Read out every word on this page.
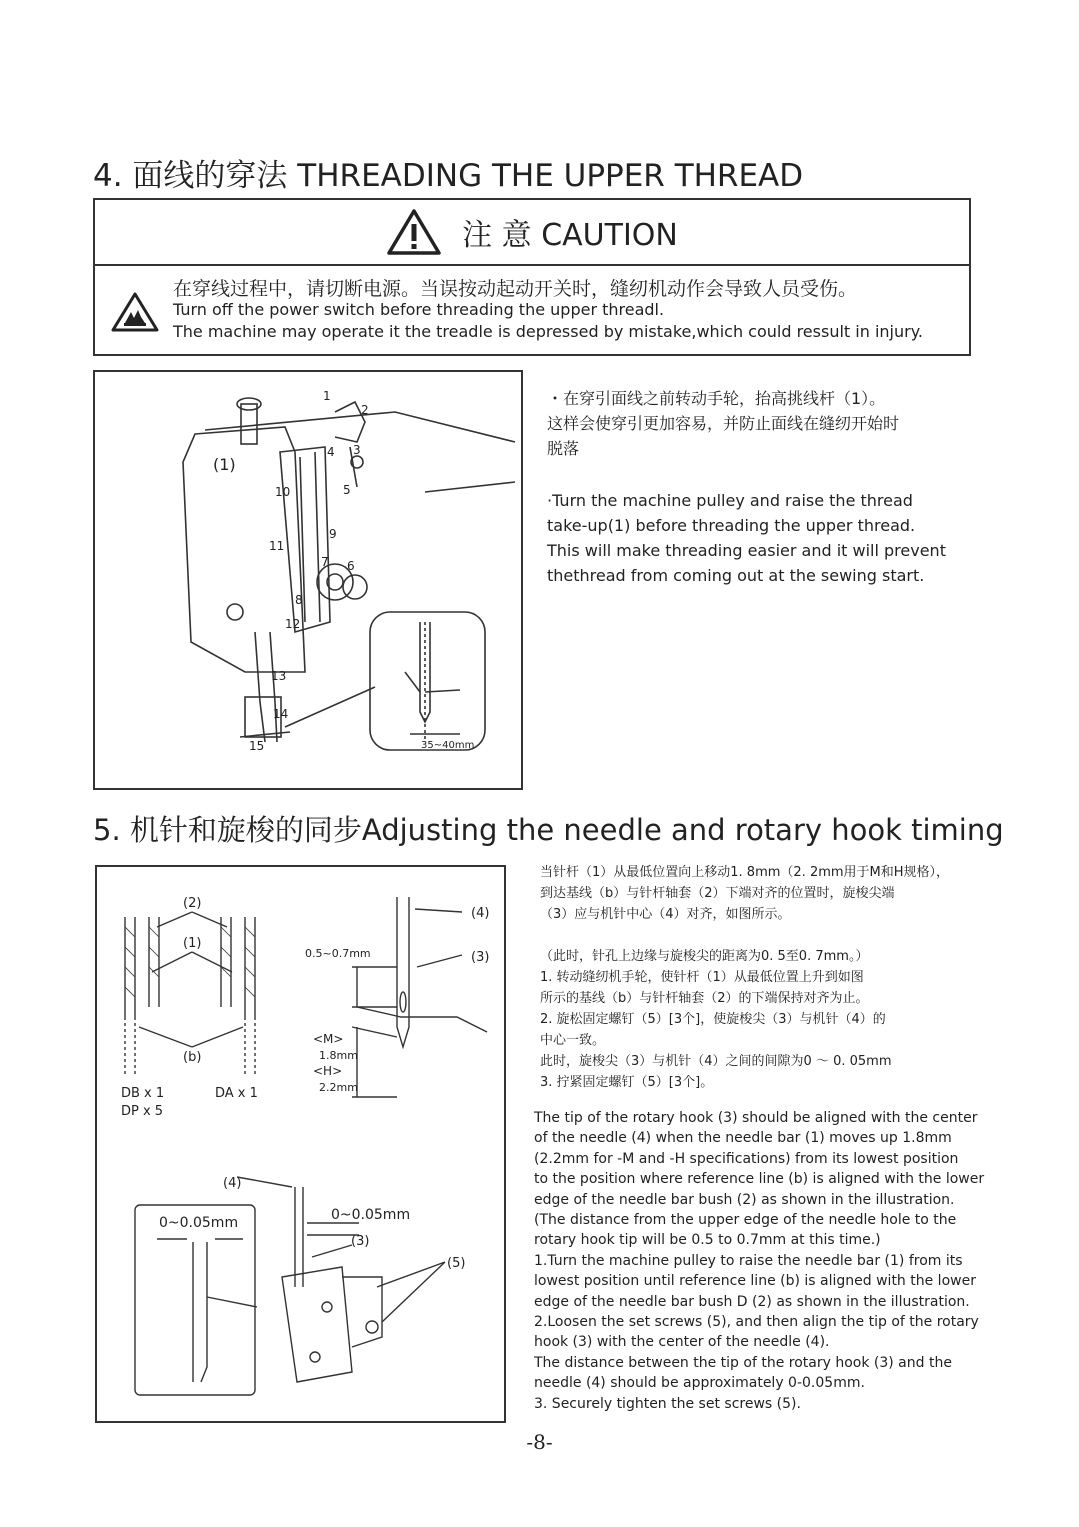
4. 面线的穿法 THREADING THE UPPER THREAD
注 意 CAUTION
在穿线过程中，请切断电源。当误按动起动开关时，缝纫机动作会导致人员受伤。
Turn off the power switch before threading the upper threadl.
The machine may operate it the treadle is depressed by mistake,which could ressult in injury.
1
2
3
4
5
(1)
10
9
11
7 6
8
12
13
14
15	35~40mm
・在穿引面线之前转动手轮，抬高挑线杆（1）。
这样会使穿引更加容易，并防止面线在缝纫开始时
脱落
·Turn the machine pulley and raise the thread
take-up(1) before threading the upper thread.
This will make threading easier and it will prevent
thethread from coming out at the sewing start.
5. 机针和旋梭的同步Adjusting the needle and rotary hook timing
(2)
(1)
(b)
DB x 1
DP x 5
DA x 1
0.5~0.7mm
(4)
(3)
<M>
1.8mm
<H>
2.2mm
(4)
0~0.05mm	0~0.05mm
(3)
(5)
当针杆（1）从最低位置向上移动1. 8mm（2. 2mm用于M和H规格），
到达基线（b）与针杆轴套（2）下端对齐的位置时，旋梭尖端
（3）应与机针中心（4）对齐，如图所示。
（此时，针孔上边缘与旋梭尖的距离为0. 5至0. 7mm。）
1. 转动缝纫机手轮，使针杆（1）从最低位置上升到如图
所示的基线（b）与针杆轴套（2）的下端保持对齐为止。
2. 旋松固定螺钉（5）[3个]，使旋梭尖（3）与机针（4）的
中心一致。
此时，旋梭尖（3）与机针（4）之间的间隙为0 ～ 0. 05mm
3. 拧紧固定螺钉（5）[3个]。
The tip of the rotary hook (3) should be aligned with the center
of the needle (4) when the needle bar (1) moves up 1.8mm
(2.2mm for -M and -H specifications) from its lowest position
to the position where reference line (b) is aligned with the lower
edge of the needle bar bush (2) as shown in the illustration.
(The distance from the upper edge of the needle hole to the
rotary hook tip will be 0.5 to 0.7mm at this time.)
1.Turn the machine pulley to raise the needle bar (1) from its
lowest position until reference line (b) is aligned with the lower
edge of the needle bar bush D (2) as shown in the illustration.
2.Loosen the set screws (5), and then align the tip of the rotary
hook (3) with the center of the needle (4).
The distance between the tip of the rotary hook (3) and the
needle (4) should be approximately 0-0.05mm.
3. Securely tighten the set screws (5).
-8-
